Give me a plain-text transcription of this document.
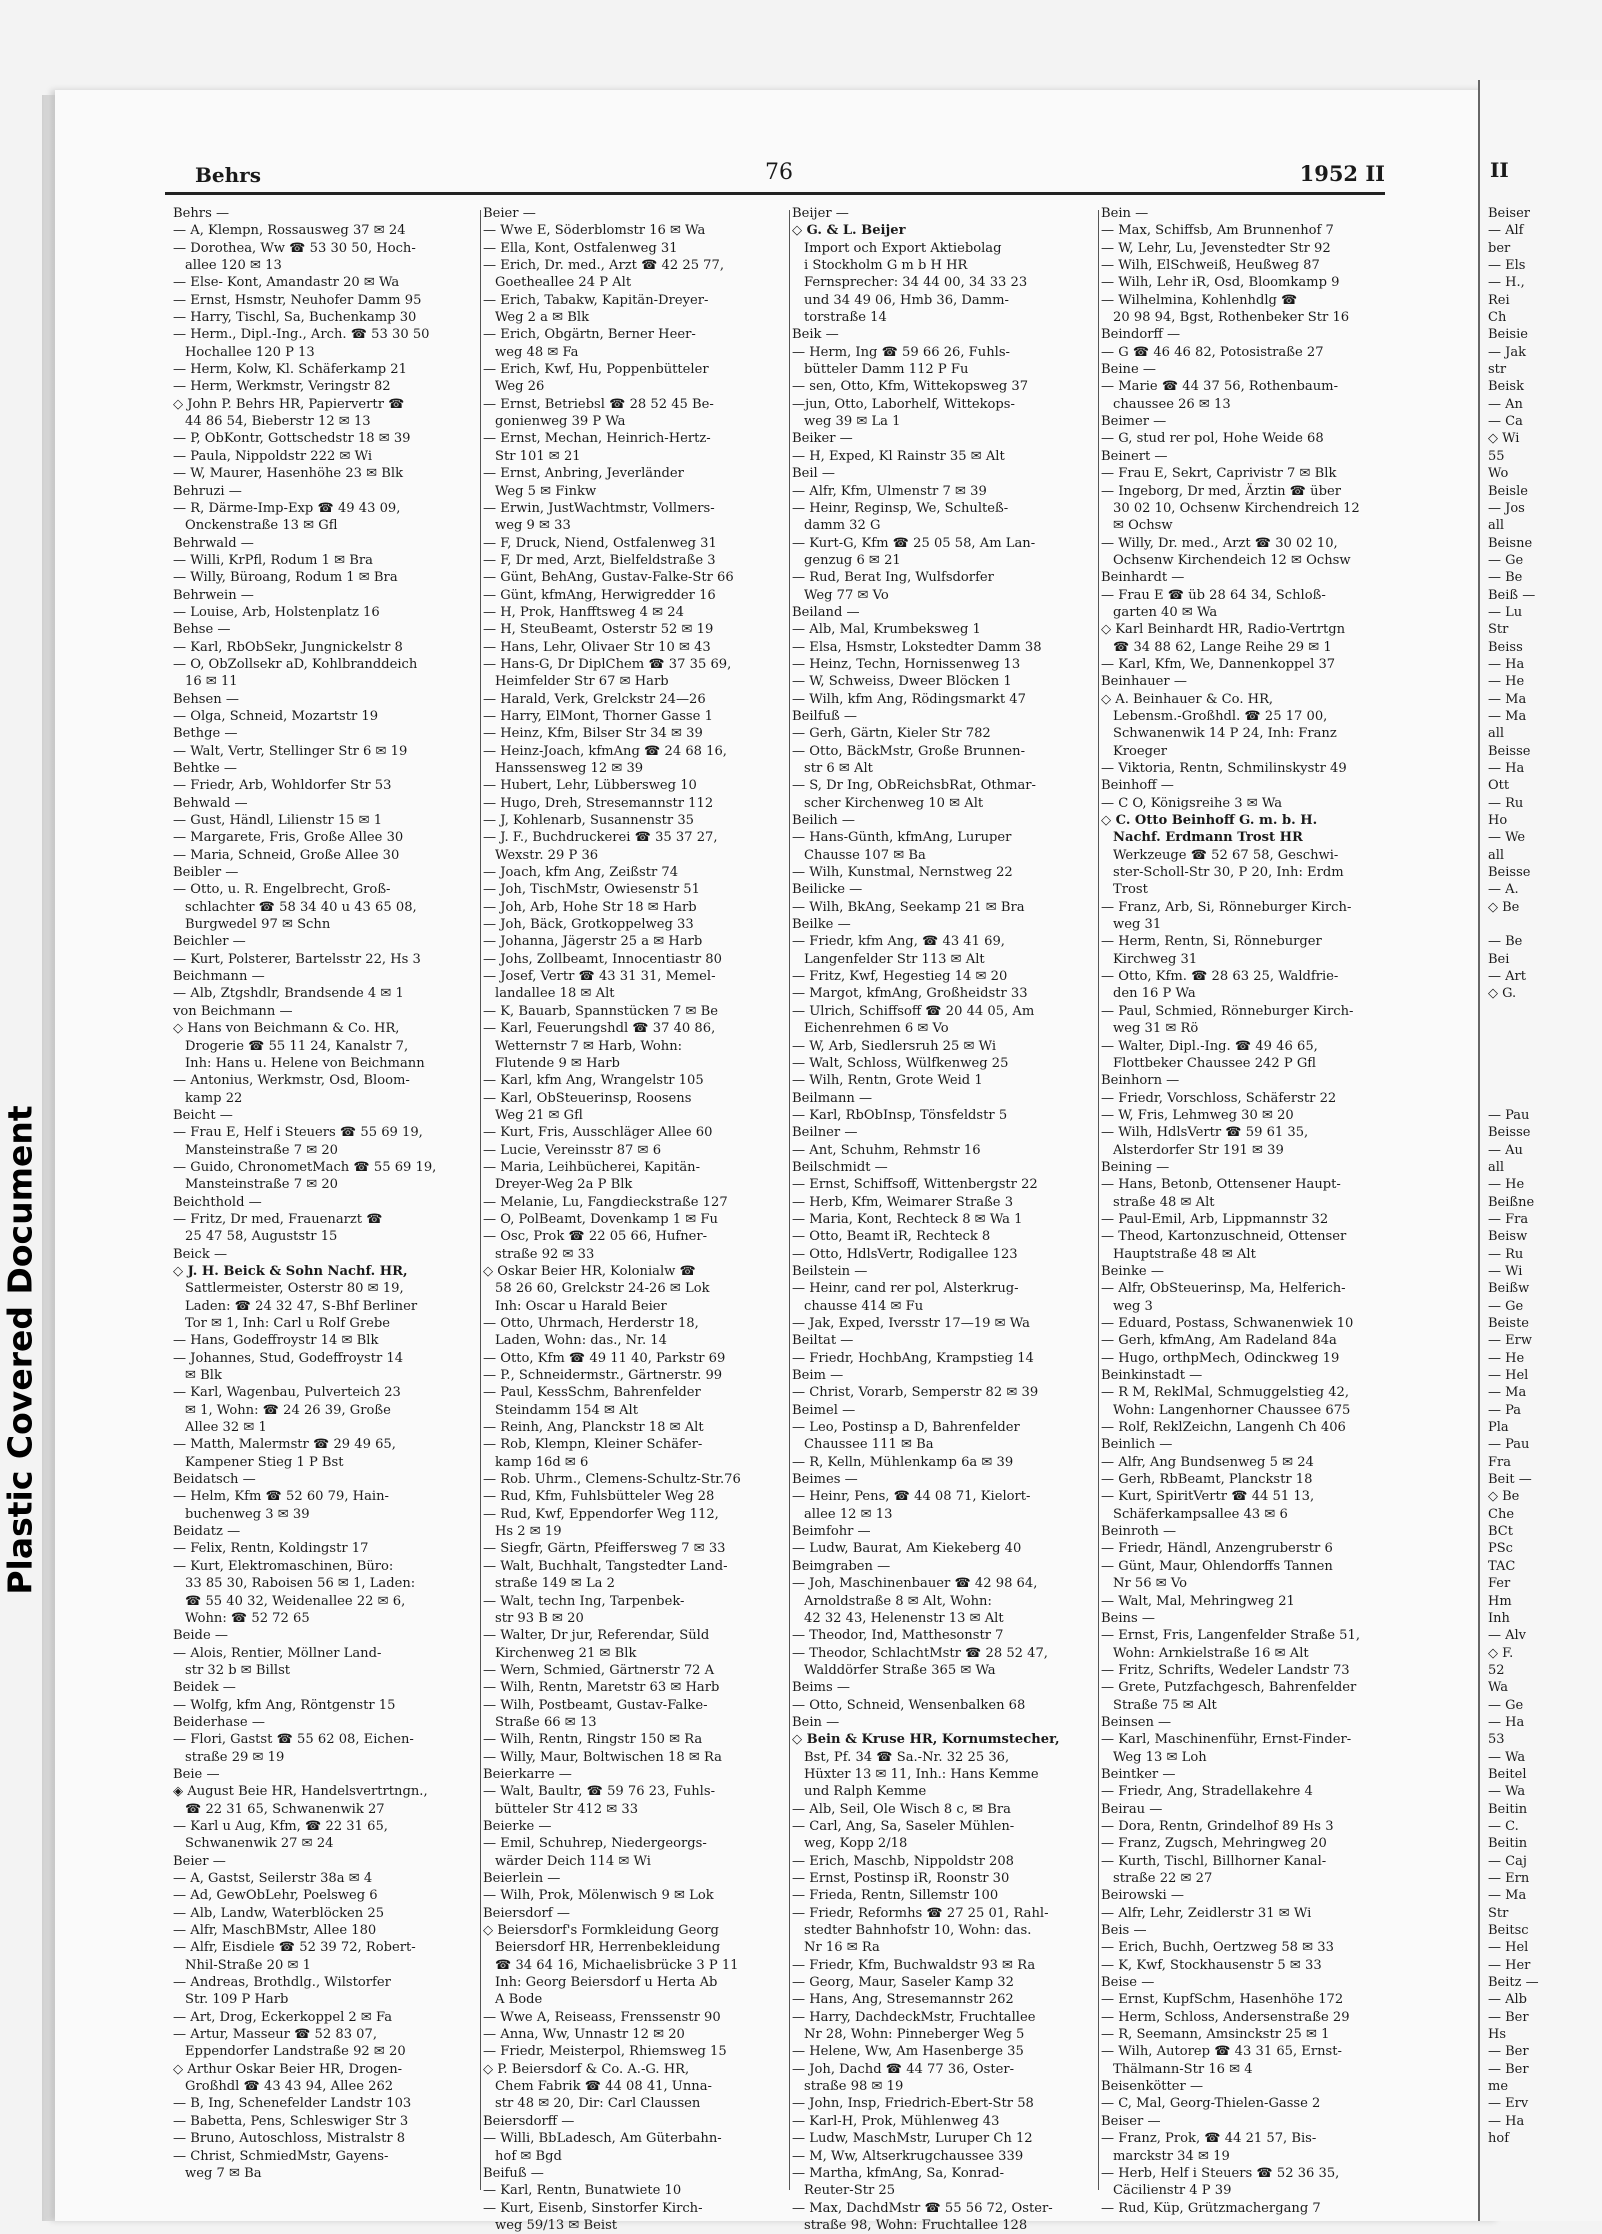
Plastic Covered Document
II
Beiser
— Alf
ber
— Els
— H.,
Rei
Ch
Beisie
— Jak
str
Beisk
— An
— Ca
◇ Wi
55
Wo
Beisle
— Jos
all
Beisne
— Ge
— Be
Beiß —
— Lu
Str
Beiss
— Ha
— He
— Ma
— Ma
all
Beisse
— Ha
Ott
— Ru
Ho
— We
all
Beisse
— A.
◇ Be

— Be
Bei
— Art
◇ G.

— Pau
Beisse
— Au
all
— He
Beißne
— Fra
Beisw
— Ru
— Wi
Beißw
— Ge
Beiste
— Erw
— He
— Hel
— Ma
— Pa
Pla
— Pau
Fra
Beit —
◇ Be
Che
BCt
PSc
TAC
Fer
Hm
Inh
— Alv
◇ F.
52
Wa
— Ge
— Ha
53
— Wa
Beitel
— Wa
Beitin
— C.
Beitin
— Caj
— Ern
— Ma
Str
Beitsc
— Hel
— Her
Beitz —
— Alb
— Ber
Hs
— Ber
— Ber
me
— Erv
— Ha
hof
Behrs	76	1952 II
Behrs —
— A, Klempn, Rossausweg 37 ✉ 24
— Dorothea, Ww ☎ 53 30 50, Hoch-
allee 120 ✉ 13
— Else- Kont, Amandastr 20 ✉ Wa
— Ernst, Hsmstr, Neuhofer Damm 95
— Harry, Tischl, Sa, Buchenkamp 30
— Herm., Dipl.-Ing., Arch. ☎ 53 30 50
Hochallee 120 P 13
— Herm, Kolw, Kl. Schäferkamp 21
— Herm, Werkmstr, Veringstr 82
◇ John P. Behrs HR, Papiervertr ☎
44 86 54, Bieberstr 12 ✉ 13
— P, ObKontr, Gottschedstr 18 ✉ 39
— Paula, Nippoldstr 222 ✉ Wi
— W, Maurer, Hasenhöhe 23 ✉ Blk
Behruzi —
— R, Därme-Imp-Exp ☎ 49 43 09,
Onckenstraße 13 ✉ Gfl
Behrwald —
— Willi, KrPfl, Rodum 1 ✉ Bra
— Willy, Büroang, Rodum 1 ✉ Bra
Behrwein —
— Louise, Arb, Holstenplatz 16
Behse —
— Karl, RbObSekr, Jungnickelstr 8
— O, ObZollsekr aD, Kohlbranddeich
16 ✉ 11
Behsen —
— Olga, Schneid, Mozartstr 19
Bethge —
— Walt, Vertr, Stellinger Str 6 ✉ 19
Behtke —
— Friedr, Arb, Wohldorfer Str 53
Behwald —
— Gust, Händl, Lilienstr 15 ✉ 1
— Margarete, Fris, Große Allee 30
— Maria, Schneid, Große Allee 30
Beibler —
— Otto, u. R. Engelbrecht, Groß-
schlachter ☎ 58 34 40 u 43 65 08,
Burgwedel 97 ✉ Schn
Beichler —
— Kurt, Polsterer, Bartelsstr 22, Hs 3
Beichmann —
— Alb, Ztgshdlr, Brandsende 4 ✉ 1
von Beichmann —
◇ Hans von Beichmann & Co. HR,
Drogerie ☎ 55 11 24, Kanalstr 7,
Inh: Hans u. Helene von Beichmann
— Antonius, Werkmstr, Osd, Bloom-
kamp 22
Beicht —
— Frau E, Helf i Steuers ☎ 55 69 19,
Mansteinstraße 7 ✉ 20
— Guido, ChronometMach ☎ 55 69 19,
Mansteinstraße 7 ✉ 20
Beichthold —
— Fritz, Dr med, Frauenarzt ☎
25 47 58, Auguststr 15
Beick —
◇ J. H. Beick & Sohn Nachf. HR,
Sattlermeister, Osterstr 80 ✉ 19,
Laden: ☎ 24 32 47, S-Bhf Berliner
Tor ✉ 1, Inh: Carl u Rolf Grebe
— Hans, Godeffroystr 14 ✉ Blk
— Johannes, Stud, Godeffroystr 14
✉ Blk
— Karl, Wagenbau, Pulverteich 23
✉ 1, Wohn: ☎ 24 26 39, Große
Allee 32 ✉ 1
— Matth, Malermstr ☎ 29 49 65,
Kampener Stieg 1 P Bst
Beidatsch —
— Helm, Kfm ☎ 52 60 79, Hain-
buchenweg 3 ✉ 39
Beidatz —
— Felix, Rentn, Koldingstr 17
— Kurt, Elektromaschinen, Büro:
33 85 30, Raboisen 56 ✉ 1, Laden:
☎ 55 40 32, Weidenallee 22 ✉ 6,
Wohn: ☎ 52 72 65
Beide —
— Alois, Rentier, Möllner Land-
str 32 b ✉ Billst
Beidek —
— Wolfg, kfm Ang, Röntgenstr 15
Beiderhase —
— Flori, Gastst ☎ 55 62 08, Eichen-
straße 29 ✉ 19
Beie —
◈ August Beie HR, Handelsvertrtngn.,
☎ 22 31 65, Schwanenwik 27
— Karl u Aug, Kfm, ☎ 22 31 65,
Schwanenwik 27 ✉ 24
Beier —
— A, Gastst, Seilerstr 38a ✉ 4
— Ad, GewObLehr, Poelsweg 6
— Alb, Landw, Waterblöcken 25
— Alfr, MaschBMstr, Allee 180
— Alfr, Eisdiele ☎ 52 39 72, Robert-
Nhil-Straße 20 ✉ 1
— Andreas, Brothdlg., Wilstorfer
Str. 109 P Harb
— Art, Drog, Eckerkoppel 2 ✉ Fa
— Artur, Masseur ☎ 52 83 07,
Eppendorfer Landstraße 92 ✉ 20
◇ Arthur Oskar Beier HR, Drogen-
Großhdl ☎ 43 43 94, Allee 262
— B, Ing, Schenefelder Landstr 103
— Babetta, Pens, Schleswiger Str 3
— Bruno, Autoschloss, Mistralstr 8
— Christ, SchmiedMstr, Gayens-
weg 7 ✉ Ba
Beier —
— Wwe E, Söderblomstr 16 ✉ Wa
— Ella, Kont, Ostfalenweg 31
— Erich, Dr. med., Arzt ☎ 42 25 77,
Goetheallee 24 P Alt
— Erich, Tabakw, Kapitän-Dreyer-
Weg 2 a ✉ Blk
— Erich, Obgärtn, Berner Heer-
weg 48 ✉ Fa
— Erich, Kwf, Hu, Poppenbütteler
Weg 26
— Ernst, Betriebsl ☎ 28 52 45 Be-
gonienweg 39 P Wa
— Ernst, Mechan, Heinrich-Hertz-
Str 101 ✉ 21
— Ernst, Anbring, Jeverländer
Weg 5 ✉ Finkw
— Erwin, JustWachtmstr, Vollmers-
weg 9 ✉ 33
— F, Druck, Niend, Ostfalenweg 31
— F, Dr med, Arzt, Bielfeldstraße 3
— Günt, BehAng, Gustav-Falke-Str 66
— Günt, kfmAng, Herwigredder 16
— H, Prok, Hanfftsweg 4 ✉ 24
— H, SteuBeamt, Osterstr 52 ✉ 19
— Hans, Lehr, Olivaer Str 10 ✉ 43
— Hans-G, Dr DiplChem ☎ 37 35 69,
Heimfelder Str 67 ✉ Harb
— Harald, Verk, Grelckstr 24—26
— Harry, ElMont, Thorner Gasse 1
— Heinz, Kfm, Bilser Str 34 ✉ 39
— Heinz-Joach, kfmAng ☎ 24 68 16,
Hanssensweg 12 ✉ 39
— Hubert, Lehr, Lübbersweg 10
— Hugo, Dreh, Stresemannstr 112
— J, Kohlenarb, Susannenstr 35
— J. F., Buchdruckerei ☎ 35 37 27,
Wexstr. 29 P 36
— Joach, kfm Ang, Zeißstr 74
— Joh, TischMstr, Owiesenstr 51
— Joh, Arb, Hohe Str 18 ✉ Harb
— Joh, Bäck, Grotkoppelweg 33
— Johanna, Jägerstr 25 a ✉ Harb
— Johs, Zollbeamt, Innocentiastr 80
— Josef, Vertr ☎ 43 31 31, Memel-
landallee 18 ✉ Alt
— K, Bauarb, Spannstücken 7 ✉ Be
— Karl, Feuerungshdl ☎ 37 40 86,
Wetternstr 7 ✉ Harb, Wohn:
Flutende 9 ✉ Harb
— Karl, kfm Ang, Wrangelstr 105
— Karl, ObSteuerinsp, Roosens
Weg 21 ✉ Gfl
— Kurt, Fris, Ausschläger Allee 60
— Lucie, Vereinsstr 87 ✉ 6
— Maria, Leihbücherei, Kapitän-
Dreyer-Weg 2a P Blk
— Melanie, Lu, Fangdieckstraße 127
— O, PolBeamt, Dovenkamp 1 ✉ Fu
— Osc, Prok ☎ 22 05 66, Hufner-
straße 92 ✉ 33
◇ Oskar Beier HR, Kolonialw ☎
58 26 60, Grelckstr 24-26 ✉ Lok
Inh: Oscar u Harald Beier
— Otto, Uhrmach, Herderstr 18,
Laden, Wohn: das., Nr. 14
— Otto, Kfm ☎ 49 11 40, Parkstr 69
— P., Schneidermstr., Gärtnerstr. 99
— Paul, KessSchm, Bahrenfelder
Steindamm 154 ✉ Alt
— Reinh, Ang, Planckstr 18 ✉ Alt
— Rob, Klempn, Kleiner Schäfer-
kamp 16d ✉ 6
— Rob. Uhrm., Clemens-Schultz-Str.76
— Rud, Kfm, Fuhlsbütteler Weg 28
— Rud, Kwf, Eppendorfer Weg 112,
Hs 2 ✉ 19
— Siegfr, Gärtn, Pfeiffersweg 7 ✉ 33
— Walt, Buchhalt, Tangstedter Land-
straße 149 ✉ La 2
— Walt, techn Ing, Tarpenbek-
str 93 B ✉ 20
— Walter, Dr jur, Referendar, Süld
Kirchenweg 21 ✉ Blk
— Wern, Schmied, Gärtnerstr 72 A
— Wilh, Rentn, Maretstr 63 ✉ Harb
— Wilh, Postbeamt, Gustav-Falke-
Straße 66 ✉ 13
— Wilh, Rentn, Ringstr 150 ✉ Ra
— Willy, Maur, Boltwischen 18 ✉ Ra
Beierkarre —
— Walt, Baultr, ☎ 59 76 23, Fuhls-
bütteler Str 412 ✉ 33
Beierke —
— Emil, Schuhrep, Niedergeorgs-
wärder Deich 114 ✉ Wi
Beierlein —
— Wilh, Prok, Mölenwisch 9 ✉ Lok
Beiersdorf —
◇ Beiersdorf's Formkleidung Georg
Beiersdorf HR, Herrenbekleidung
☎ 34 64 16, Michaelisbrücke 3 P 11
Inh: Georg Beiersdorf u Herta Ab
A Bode
— Wwe A, Reiseass, Frenssenstr 90
— Anna, Ww, Unnastr 12 ✉ 20
— Friedr, Meisterpol, Rhiemsweg 15
◇ P. Beiersdorf & Co. A.-G. HR,
Chem Fabrik ☎ 44 08 41, Unna-
str 48 ✉ 20, Dir: Carl Claussen
Beiersdorff —
— Willi, BbLadesch, Am Güterbahn-
hof ✉ Bgd
Beifuß —
— Karl, Rentn, Bunatwiete 10
— Kurt, Eisenb, Sinstorfer Kirch-
weg 59/13 ✉ Beist
Beijer —
◇ G. & L. Beijer
Import och Export Aktiebolag
i Stockholm G m b H HR
Fernsprecher: 34 44 00, 34 33 23
und 34 49 06, Hmb 36, Damm-
torstraße 14
Beik —
— Herm, Ing ☎ 59 66 26, Fuhls-
bütteler Damm 112 P Fu
— sen, Otto, Kfm, Wittekopsweg 37
—jun, Otto, Laborhelf, Wittekops-
weg 39 ✉ La 1
Beiker —
— H, Exped, Kl Rainstr 35 ✉ Alt
Beil —
— Alfr, Kfm, Ulmenstr 7 ✉ 39
— Heinr, Reginsp, We, Schulteß-
damm 32 G
— Kurt-G, Kfm ☎ 25 05 58, Am Lan-
genzug 6 ✉ 21
— Rud, Berat Ing, Wulfsdorfer
Weg 77 ✉ Vo
Beiland —
— Alb, Mal, Krumbeksweg 1
— Elsa, Hsmstr, Lokstedter Damm 38
— Heinz, Techn, Hornissenweg 13
— W, Schweiss, Dweer Blöcken 1
— Wilh, kfm Ang, Rödingsmarkt 47
Beilfuß —
— Gerh, Gärtn, Kieler Str 782
— Otto, BäckMstr, Große Brunnen-
str 6 ✉ Alt
— S, Dr Ing, ObReichsbRat, Othmar-
scher Kirchenweg 10 ✉ Alt
Beilich —
— Hans-Günth, kfmAng, Luruper
Chausse 107 ✉ Ba
— Wilh, Kunstmal, Nernstweg 22
Beilicke —
— Wilh, BkAng, Seekamp 21 ✉ Bra
Beilke —
— Friedr, kfm Ang, ☎ 43 41 69,
Langenfelder Str 113 ✉ Alt
— Fritz, Kwf, Hegestieg 14 ✉ 20
— Margot, kfmAng, Großheidstr 33
— Ulrich, Schiffsoff ☎ 20 44 05, Am
Eichenrehmen 6 ✉ Vo
— W, Arb, Siedlersruh 25 ✉ Wi
— Walt, Schloss, Wülfkenweg 25
— Wilh, Rentn, Grote Weid 1
Beilmann —
— Karl, RbObInsp, Tönsfeldstr 5
Beilner —
— Ant, Schuhm, Rehmstr 16
Beilschmidt —
— Ernst, Schiffsoff, Wittenbergstr 22
— Herb, Kfm, Weimarer Straße 3
— Maria, Kont, Rechteck 8 ✉ Wa 1
— Otto, Beamt iR, Rechteck 8
— Otto, HdlsVertr, Rodigallee 123
Beilstein —
— Heinr, cand rer pol, Alsterkrug-
chausse 414 ✉ Fu
— Jak, Exped, Iversstr 17—19 ✉ Wa
Beiltat —
— Friedr, HochbAng, Krampstieg 14
Beim —
— Christ, Vorarb, Semperstr 82 ✉ 39
Beimel —
— Leo, Postinsp a D, Bahrenfelder
Chaussee 111 ✉ Ba
— R, Kelln, Mühlenkamp 6a ✉ 39
Beimes —
— Heinr, Pens, ☎ 44 08 71, Kielort-
allee 12 ✉ 13
Beimfohr —
— Ludw, Baurat, Am Kiekeberg 40
Beimgraben —
— Joh, Maschinenbauer ☎ 42 98 64,
Arnoldstraße 8 ✉ Alt, Wohn:
42 32 43, Helenenstr 13 ✉ Alt
— Theodor, Ind, Matthesonstr 7
— Theodor, SchlachtMstr ☎ 28 52 47,
Walddörfer Straße 365 ✉ Wa
Beims —
— Otto, Schneid, Wensenbalken 68
Bein —
◇ Bein & Kruse HR, Kornumstecher,
Bst, Pf. 34 ☎ Sa.-Nr. 32 25 36,
Hüxter 13 ✉ 11, Inh.: Hans Kemme
und Ralph Kemme
— Alb, Seil, Ole Wisch 8 c, ✉ Bra
— Carl, Ang, Sa, Saseler Mühlen-
weg, Kopp 2/18
— Erich, Maschb, Nippoldstr 208
— Ernst, Postinsp iR, Roonstr 30
— Frieda, Rentn, Sillemstr 100
— Friedr, Reformhs ☎ 27 25 01, Rahl-
stedter Bahnhofstr 10, Wohn: das.
Nr 16 ✉ Ra
— Friedr, Kfm, Buchwaldstr 93 ✉ Ra
— Georg, Maur, Saseler Kamp 32
— Hans, Ang, Stresemannstr 262
— Harry, DachdeckMstr, Fruchtallee
Nr 28, Wohn: Pinneberger Weg 5
— Helene, Ww, Am Hasenberge 35
— Joh, Dachd ☎ 44 77 36, Oster-
straße 98 ✉ 19
— John, Insp, Friedrich-Ebert-Str 58
— Karl-H, Prok, Mühlenweg 43
— Ludw, MaschMstr, Luruper Ch 12
— M, Ww, Altserkrugchaussee 339
— Martha, kfmAng, Sa, Konrad-
Reuter-Str 25
— Max, DachdMstr ☎ 55 56 72, Oster-
straße 98, Wohn: Fruchtallee 128
Bein —
— Max, Schiffsb, Am Brunnenhof 7
— W, Lehr, Lu, Jevenstedter Str 92
— Wilh, ElSchweiß, Heußweg 87
— Wilh, Lehr iR, Osd, Bloomkamp 9
— Wilhelmina, Kohlenhdlg ☎
20 98 94, Bgst, Rothenbeker Str 16
Beindorff —
— G ☎ 46 46 82, Potosistraße 27
Beine —
— Marie ☎ 44 37 56, Rothenbaum-
chaussee 26 ✉ 13
Beimer —
— G, stud rer pol, Hohe Weide 68
Beinert —
— Frau E, Sekrt, Caprivistr 7 ✉ Blk
— Ingeborg, Dr med, Ärztin ☎ über
30 02 10, Ochsenw Kirchendreich 12
✉ Ochsw
— Willy, Dr. med., Arzt ☎ 30 02 10,
Ochsenw Kirchendeich 12 ✉ Ochsw
Beinhardt —
— Frau E ☎ üb 28 64 34, Schloß-
garten 40 ✉ Wa
◇ Karl Beinhardt HR, Radio-Vertrtgn
☎ 34 88 62, Lange Reihe 29 ✉ 1
— Karl, Kfm, We, Dannenkoppel 37
Beinhauer —
◇ A. Beinhauer & Co. HR,
Lebensm.-Großhdl. ☎ 25 17 00,
Schwanenwik 14 P 24, Inh: Franz
Kroeger
— Viktoria, Rentn, Schmilinskystr 49
Beinhoff —
— C O, Königsreihe 3 ✉ Wa
◇ C. Otto Beinhoff G. m. b. H.
Nachf. Erdmann Trost HR
Werkzeuge ☎ 52 67 58, Geschwi-
ster-Scholl-Str 30, P 20, Inh: Erdm
Trost
— Franz, Arb, Si, Rönneburger Kirch-
weg 31
— Herm, Rentn, Si, Rönneburger
Kirchweg 31
— Otto, Kfm. ☎ 28 63 25, Waldfrie-
den 16 P Wa
— Paul, Schmied, Rönneburger Kirch-
weg 31 ✉ Rö
— Walter, Dipl.-Ing. ☎ 49 46 65,
Flottbeker Chaussee 242 P Gfl
Beinhorn —
— Friedr, Vorschloss, Schäferstr 22
— W, Fris, Lehmweg 30 ✉ 20
— Wilh, HdlsVertr ☎ 59 61 35,
Alsterdorfer Str 191 ✉ 39
Beining —
— Hans, Betonb, Ottensener Haupt-
straße 48 ✉ Alt
— Paul-Emil, Arb, Lippmannstr 32
— Theod, Kartonzuschneid, Ottenser
Hauptstraße 48 ✉ Alt
Beinke —
— Alfr, ObSteuerinsp, Ma, Helferich-
weg 3
— Eduard, Postass, Schwanenwiek 10
— Gerh, kfmAng, Am Radeland 84a
— Hugo, orthpMech, Odinckweg 19
Beinkinstadt —
— R M, ReklMal, Schmuggelstieg 42,
Wohn: Langenhorner Chaussee 675
— Rolf, ReklZeichn, Langenh Ch 406
Beinlich —
— Alfr, Ang Bundsenweg 5 ✉ 24
— Gerh, RbBeamt, Planckstr 18
— Kurt, SpiritVertr ☎ 44 51 13,
Schäferkampsallee 43 ✉ 6
Beinroth —
— Friedr, Händl, Anzengruberstr 6
— Günt, Maur, Ohlendorffs Tannen
Nr 56 ✉ Vo
— Walt, Mal, Mehringweg 21
Beins —
— Ernst, Fris, Langenfelder Straße 51,
Wohn: Arnkielstraße 16 ✉ Alt
— Fritz, Schrifts, Wedeler Landstr 73
— Grete, Putzfachgesch, Bahrenfelder
Straße 75 ✉ Alt
Beinsen —
— Karl, Maschinenführ, Ernst-Finder-
Weg 13 ✉ Loh
Beintker —
— Friedr, Ang, Stradellakehre 4
Beirau —
— Dora, Rentn, Grindelhof 89 Hs 3
— Franz, Zugsch, Mehringweg 20
— Kurth, Tischl, Billhorner Kanal-
straße 22 ✉ 27
Beirowski —
— Alfr, Lehr, Zeidlerstr 31 ✉ Wi
Beis —
— Erich, Buchh, Oertzweg 58 ✉ 33
— K, Kwf, Stockhausenstr 5 ✉ 33
Beise —
— Ernst, KupfSchm, Hasenhöhe 172
— Herm, Schloss, Andersenstraße 29
— R, Seemann, Amsinckstr 25 ✉ 1
— Wilh, Autorep ☎ 43 31 65, Ernst-
Thälmann-Str 16 ✉ 4
Beisenkötter —
— C, Mal, Georg-Thielen-Gasse 2
Beiser —
— Franz, Prok, ☎ 44 21 57, Bis-
marckstr 34 ✉ 19
— Herb, Helf i Steuers ☎ 52 36 35,
Cäcilienstr 4 P 39
— Rud, Küp, Grützmachergang 7
